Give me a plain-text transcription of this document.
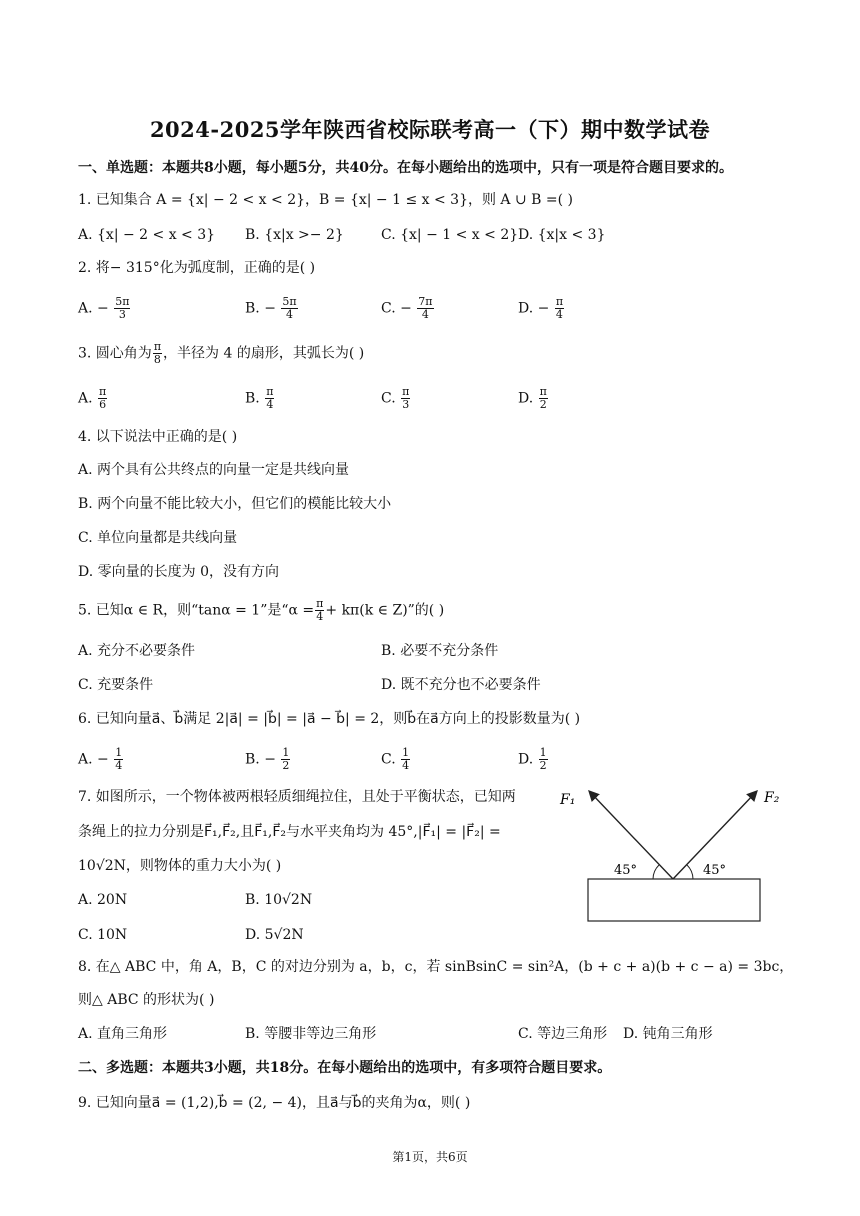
2024-2025学年陕西省校际联考高一（下）期中数学试卷
一、单选题：本题共8小题，每小题5分，共40分。在每小题给出的选项中，只有一项是符合题目要求的。
1. 已知集合 A = {x| − 2 < x < 2}，B = {x| − 1 ≤ x < 3}，则 A ∪ B =( )
A. {x| − 2 < x < 3} B. {x|x >− 2}	C. {x| − 1 < x < 2} D. {x|x < 3}
2. 将− 315°化为弧度制，正确的是( )
A. − $\frac{5\pi}{3}$	B. − $\frac{5\pi}{4}$	C. − $\frac{7\pi}{4}$	D. − $\frac{\pi}{4}$
3. 圆心角为 $\frac{\pi}{8}$ ，半径为 4 的扇形，其弧长为( )
A. $\frac{\pi}{6}$	B. $\frac{\pi}{4}$	C. $\frac{\pi}{3}$	D. $\frac{\pi}{2}$
4. 以下说法中正确的是( )
A. 两个具有公共终点的向量一定是共线向量
B. 两个向量不能比较大小，但它们的模能比较大小
C. 单位向量都是共线向量
D. 零向量的长度为 0，没有方向
5. 已知α ∈ R，则“tanα = 1”是“$\alpha = \frac{\pi}{4} + k\pi(k$ ∈ Z)”的( )
A. 充分不必要条件	B. 必要不充分条件
C. 充要条件	D. 既不充分也不必要条件
6. 已知向量a⃗、b⃗满足 2|a⃗| = |b⃗| = |a⃗ − b⃗| = 2，则b⃗在a⃗方向上的投影数量为( )
A. − $\frac{1}{4}$	B. − $\frac{1}{2}$	C. $\frac{1}{4}$	D. $\frac{1}{2}$
7. 如图所示，一个物体被两根轻质细绳拉住，且处于平衡状态，已知两
条绳上的拉力分别是F⃗₁,F⃗₂,且F⃗₁,F⃗₂与水平夹角均为 45°,|F⃗₁| = |F⃗₂| =
10√2N，则物体的重力大小为( )
A. 20N	B. 10√2N
C. 10N	D. 5√2N
F₁	F₂
45°	45°
8. 在△ ABC 中，角 A，B，C 的对边分别为 a，b，c，若 sinBsinC = sin²A，(b + c + a)(b + c − a) = 3bc，
则△ ABC 的形状为( )
A. 直角三角形	B. 等腰非等边三角形	C. 等边三角形 D. 钝角三角形
二、多选题：本题共3小题，共18分。在每小题给出的选项中，有多项符合题目要求。
9. 已知向量a⃗ = (1,2),b⃗ = (2, − 4)，且a⃗与b⃗的夹角为α，则( )
第1页，共6页
